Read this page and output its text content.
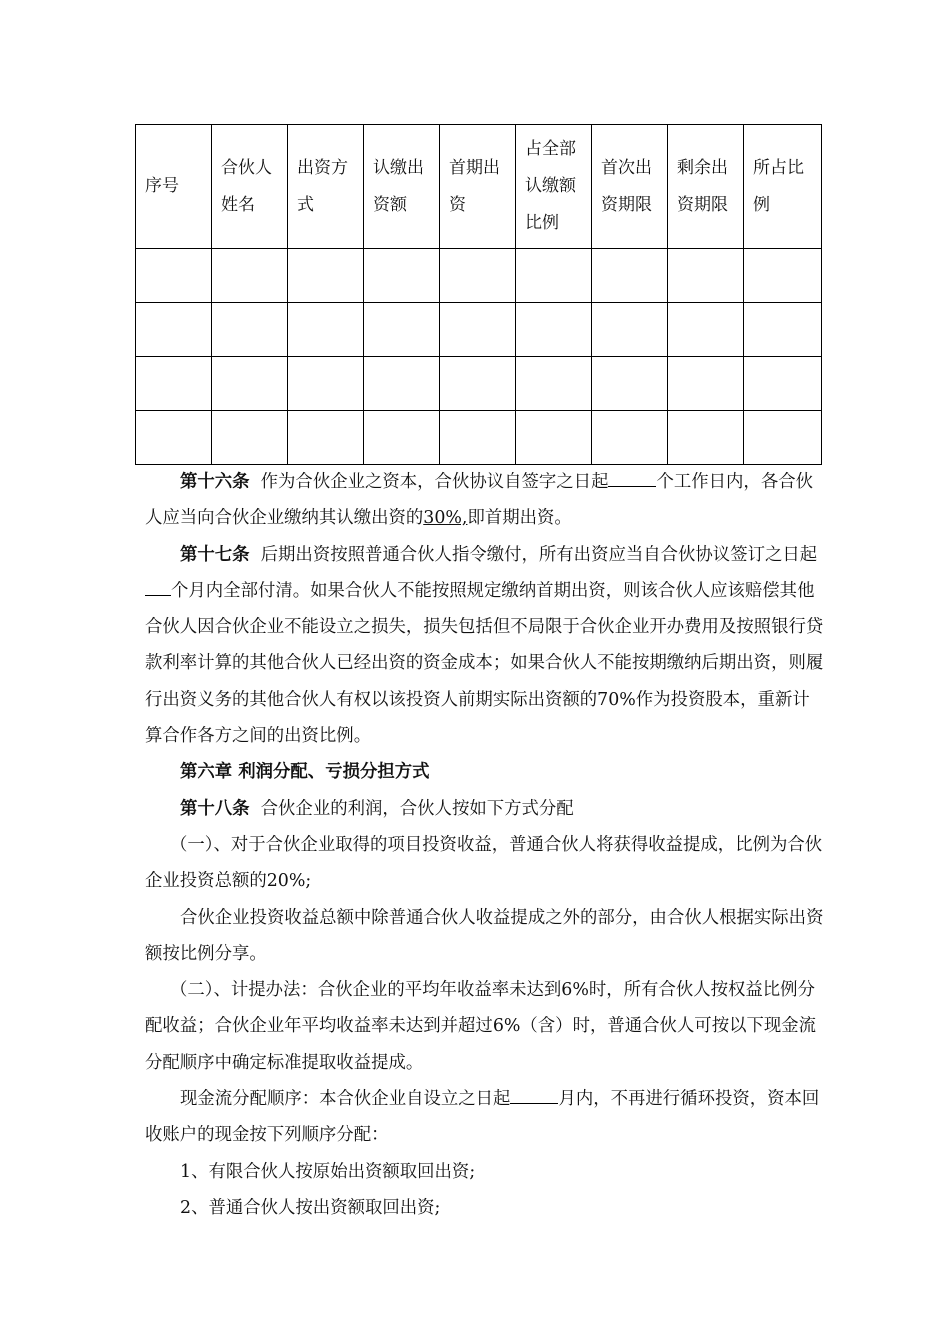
序号	合伙人姓名	出资方式	认缴出资额	首期出资	占全部认缴额比例	首次出资期限	剩余出资期限	所占比例

第十六条 作为合伙企业之资本，合伙协议自签字之日起	个工作日内，各合伙人应当向合伙企业缴纳其认缴出资的30%,即首期出资。

第十七条 后期出资按照普通合伙人指令缴付，所有出资应当自合伙协议签订之日起个月内全部付清。如果合伙人不能按照规定缴纳首期出资，则该合伙人应该赔偿其他合伙人因合伙企业不能设立之损失，损失包括但不局限于合伙企业开办费用及按照银行贷款利率计算的其他合伙人已经出资的资金成本；如果合伙人不能按期缴纳后期出资，则履行出资义务的其他合伙人有权以该投资人前期实际出资额的70%作为投资股本，重新计算合作各方之间的出资比例。

第六章 利润分配、亏损分担方式

第十八条 合伙企业的利润，合伙人按如下方式分配

（一）、对于合伙企业取得的项目投资收益，普通合伙人将获得收益提成，比例为合伙企业投资总额的20%;

合伙企业投资收益总额中除普通合伙人收益提成之外的部分，由合伙人根据实际出资额按比例分享。

（二）、计提办法：合伙企业的平均年收益率未达到6%时，所有合伙人按权益比例分配收益；合伙企业年平均收益率未达到并超过6%（含）时，普通合伙人可按以下现金流分配顺序中确定标准提取收益提成。

现金流分配顺序：本合伙企业自设立之日起	月内，不再进行循环投资，资本回收账户的现金按下列顺序分配：

1、有限合伙人按原始出资额取回出资;

2、普通合伙人按出资额取回出资;
